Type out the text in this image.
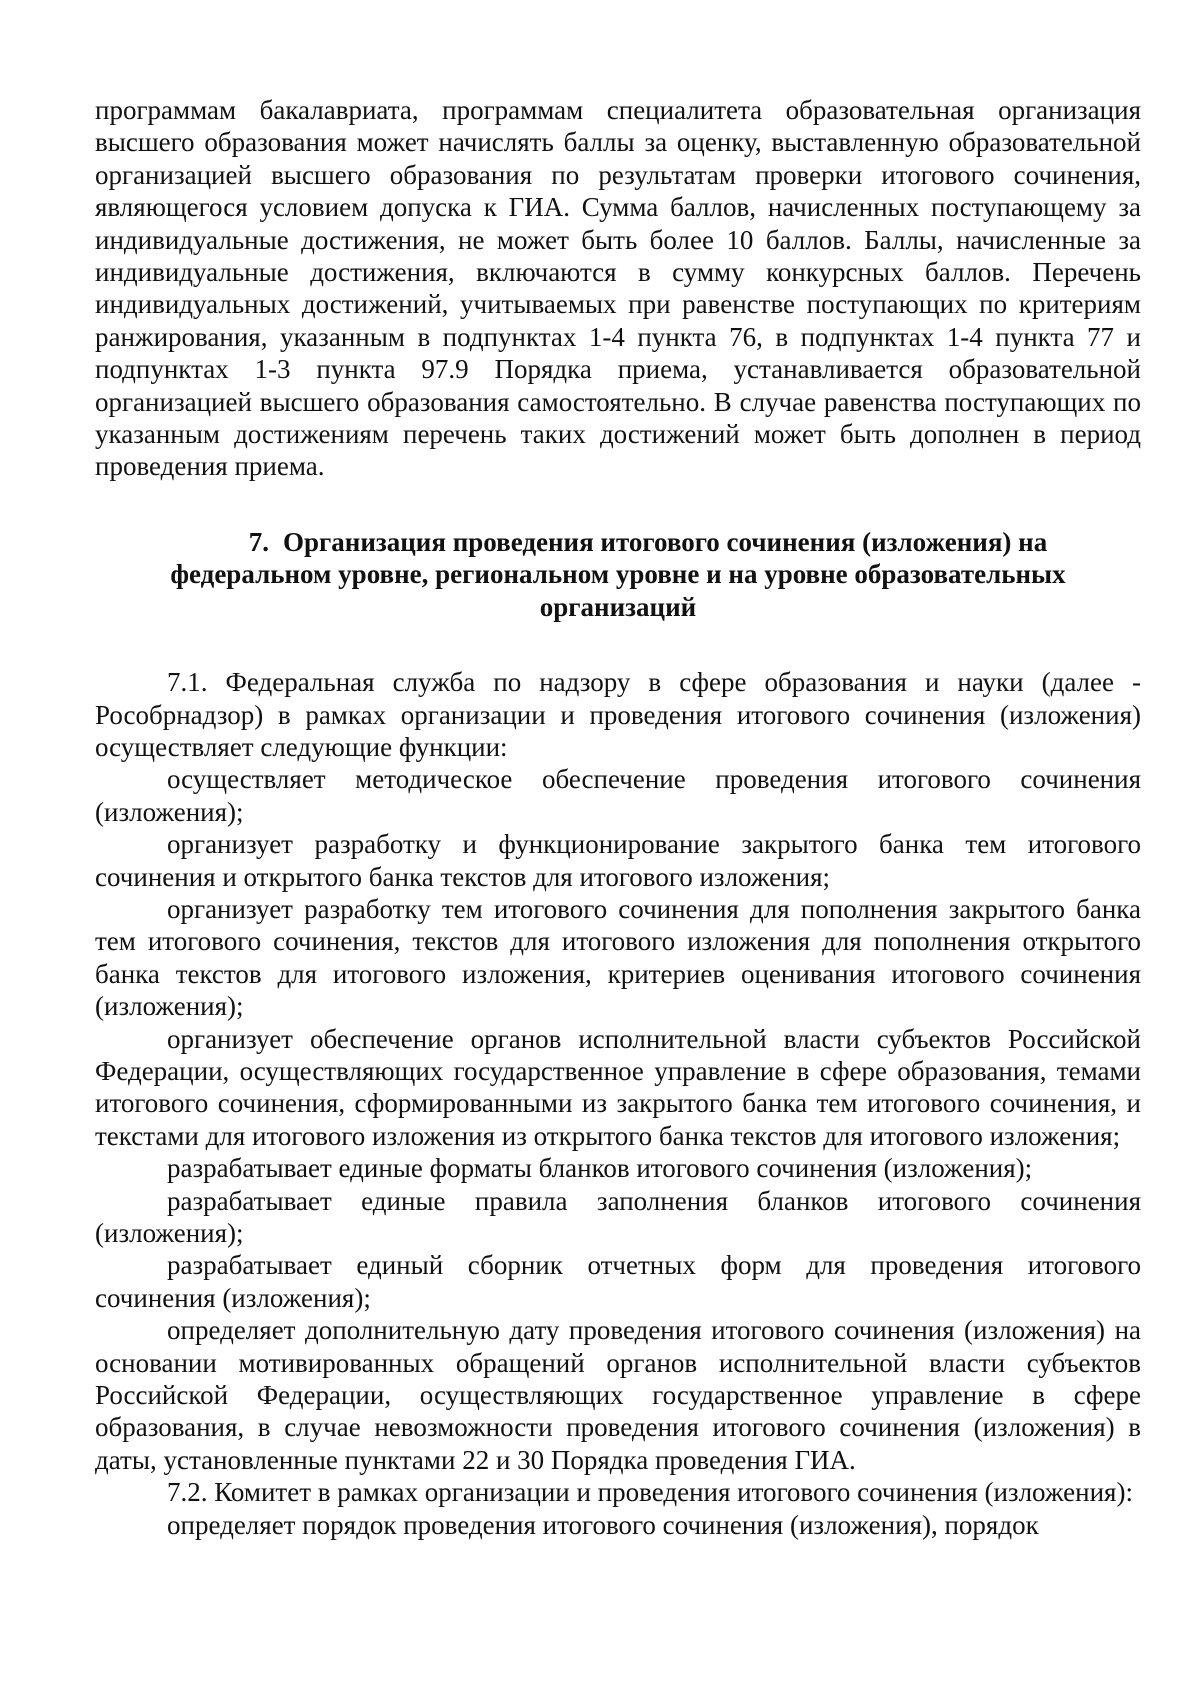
программам бакалавриата, программам специалитета образовательная организация высшего образования может начислять баллы за оценку, выставленную образовательной организацией высшего образования по результатам проверки итогового сочинения, являющегося условием допуска к ГИА. Сумма баллов, начисленных поступающему за индивидуальные достижения, не может быть более 10 баллов. Баллы, начисленные за индивидуальные достижения, включаются в сумму конкурсных баллов. Перечень индивидуальных достижений, учитываемых при равенстве поступающих по критериям ранжирования, указанным в подпунктах 1-4 пункта 76, в подпунктах 1-4 пункта 77 и подпунктах 1-3 пункта 97.9 Порядка приема, устанавливается образовательной организацией высшего образования самостоятельно. В случае равенства поступающих по указанным достижениям перечень таких достижений может быть дополнен в период проведения приема.

7. Организация проведения итогового сочинения (изложения) на
федеральном уровне, региональном уровне и на уровне образовательных
организаций

7.1. Федеральная служба по надзору в сфере образования и науки (далее - Рособрнадзор) в рамках организации и проведения итогового сочинения (изложения) осуществляет следующие функции:

осуществляет методическое обеспечение проведения итогового сочинения (изложения);

организует разработку и функционирование закрытого банка тем итогового сочинения и открытого банка текстов для итогового изложения;

организует разработку тем итогового сочинения для пополнения закрытого банка тем итогового сочинения, текстов для итогового изложения для пополнения открытого банка текстов для итогового изложения, критериев оценивания итогового сочинения (изложения);

организует обеспечение органов исполнительной власти субъектов Российской Федерации, осуществляющих государственное управление в сфере образования, темами итогового сочинения, сформированными из закрытого банка тем итогового сочинения, и текстами для итогового изложения из открытого банка текстов для итогового изложения;

разрабатывает единые форматы бланков итогового сочинения (изложения);

разрабатывает единые правила заполнения бланков итогового сочинения (изложения);

разрабатывает единый сборник отчетных форм для проведения итогового сочинения (изложения);

определяет дополнительную дату проведения итогового сочинения (изложения) на основании мотивированных обращений органов исполнительной власти субъектов Российской Федерации, осуществляющих государственное управление в сфере образования, в случае невозможности проведения итогового сочинения (изложения) в даты, установленные пунктами 22 и 30 Порядка проведения ГИА.

7.2. Комитет в рамках организации и проведения итогового сочинения (изложения):

определяет порядок проведения итогового сочинения (изложения), порядок
